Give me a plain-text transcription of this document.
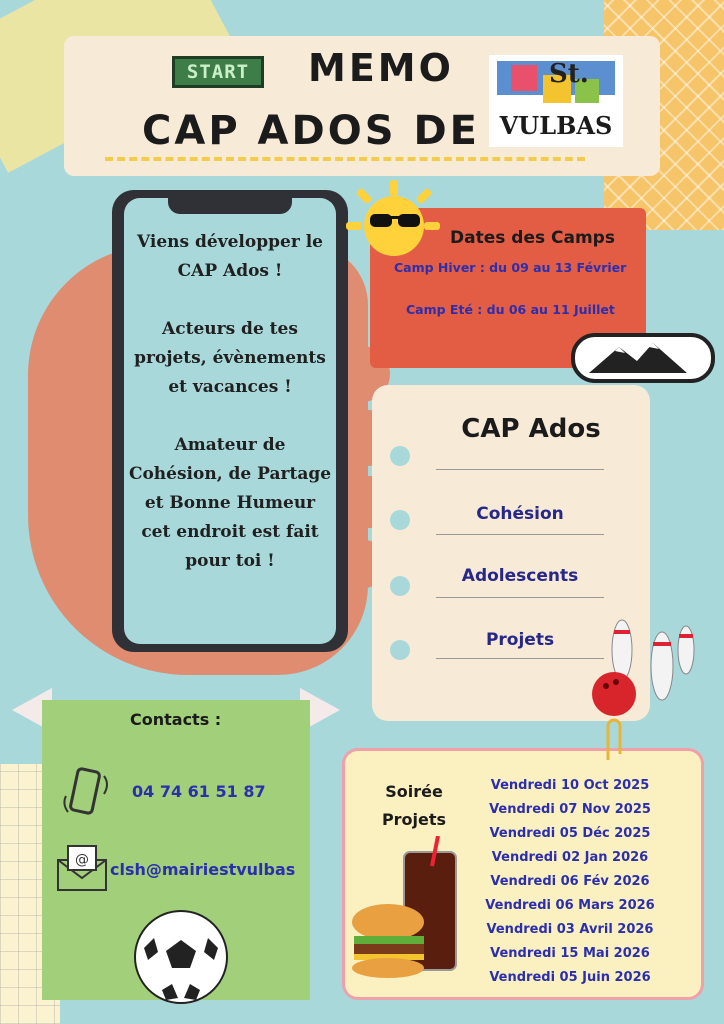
START	MEMO
CAP ADOS DE
St.
VULBAS

Viens développer le CAP Ados !

Acteurs de tes projets, évènements et vacances !

Amateur de Cohésion, de Partage et Bonne Humeur cet endroit est fait pour toi !

Dates des Camps
Camp Hiver : du 09 au 13 Février
Camp Eté : du 06 au 11 Juillet
CAP Ados
Cohésion
Adolescents
Projets
Contacts :
04 74 61 51 87
@ clsh@mairiestvulbas
Soirée
Projets
Vendredi 10 Oct 2025
Vendredi 07 Nov 2025
Vendredi 05 Déc 2025
Vendredi 02 Jan 2026
Vendredi 06 Fév 2026
Vendredi 06 Mars 2026
Vendredi 03 Avril 2026
Vendredi 15 Mai 2026
Vendredi 05 Juin 2026
